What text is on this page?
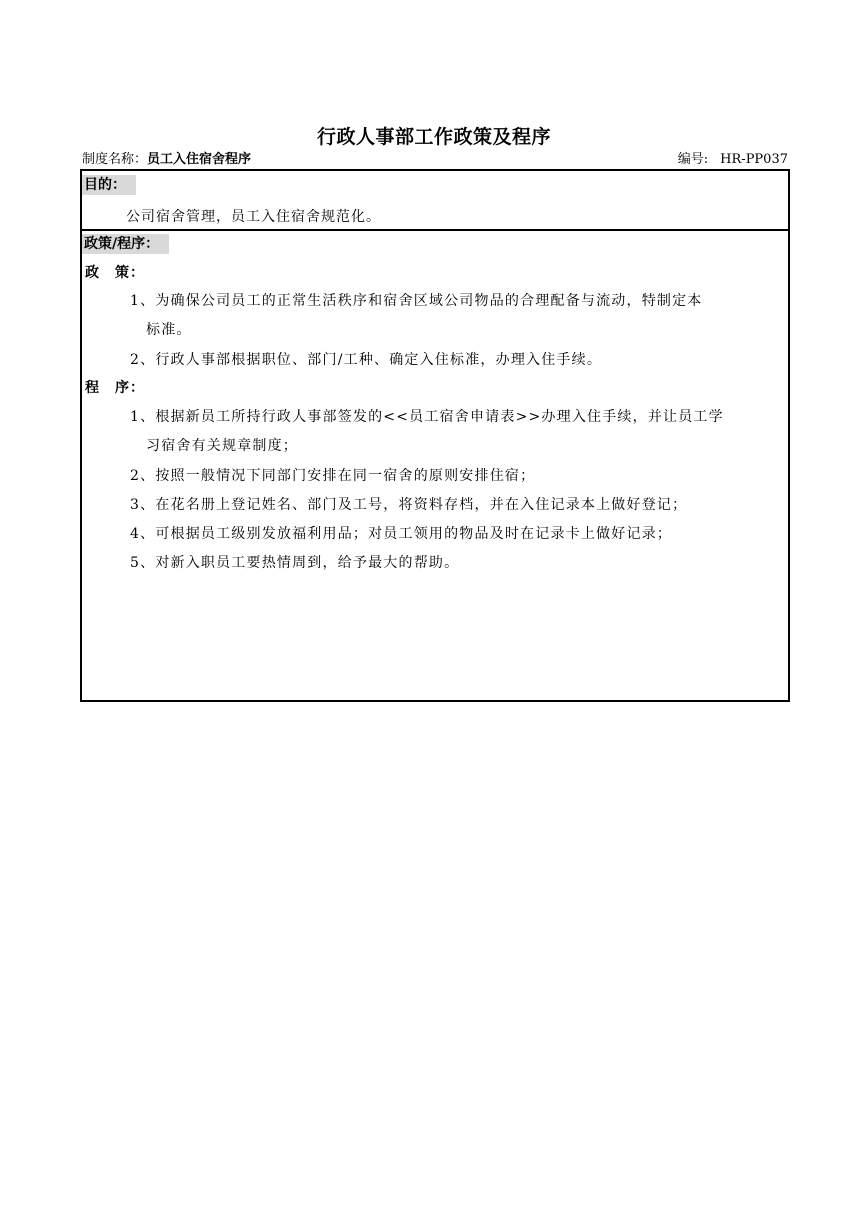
行政人事部工作政策及程序
制度名称：员工入住宿舍程序	编号: HR-PP037
目的：
公司宿舍管理，员工入住宿舍规范化。
政策/程序：
政　策：
1、为确保公司员工的正常生活秩序和宿舍区域公司物品的合理配备与流动，特制定本
标准。
2、行政人事部根据职位、部门/工种、确定入住标准，办理入住手续。
程　序：
1、根据新员工所持行政人事部签发的<<员工宿舍申请表>>办理入住手续，并让员工学
习宿舍有关规章制度；
2、按照一般情况下同部门安排在同一宿舍的原则安排住宿；
3、在花名册上登记姓名、部门及工号，将资料存档，并在入住记录本上做好登记；
4、可根据员工级别发放福利用品；对员工领用的物品及时在记录卡上做好记录；
5、对新入职员工要热情周到，给予最大的帮助。
